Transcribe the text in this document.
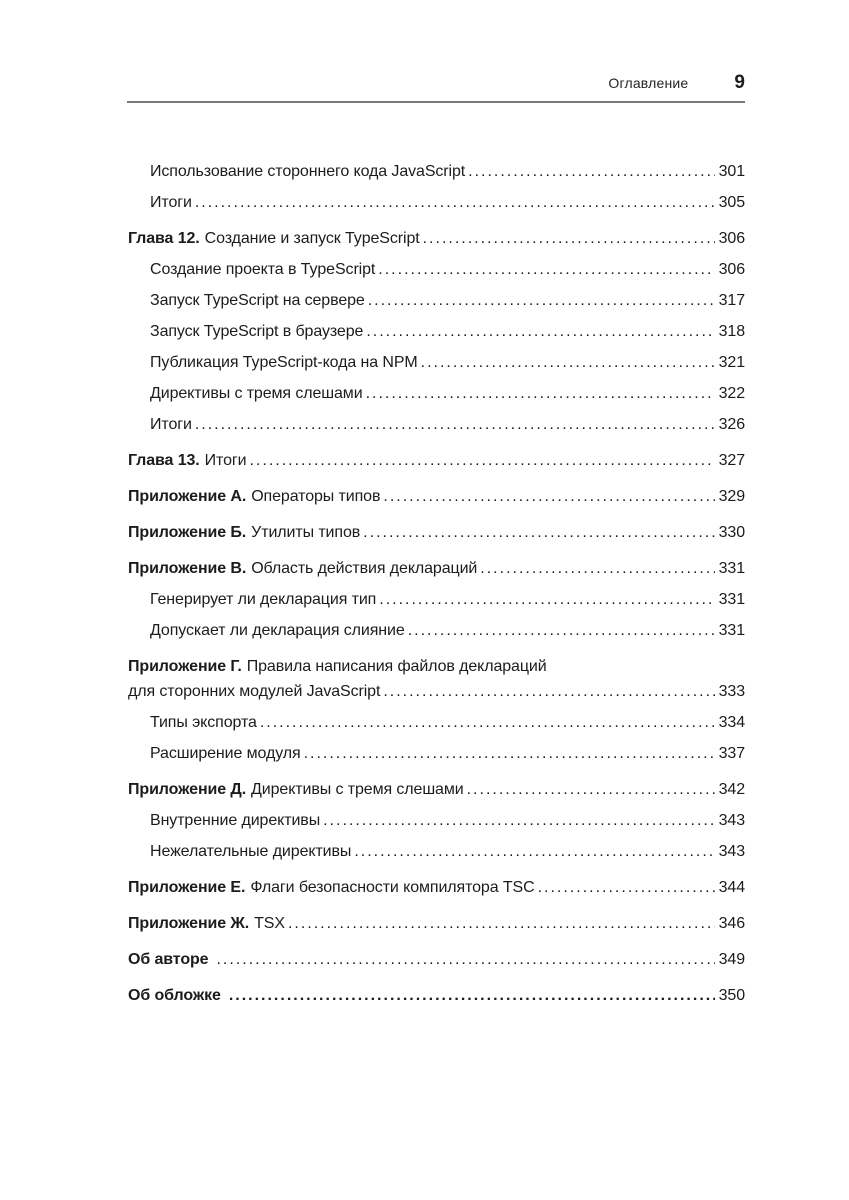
Оглавление 9
Использование стороннего кода JavaScript .....	301
Итоги .....	305
Глава 12. Создание и запуск TypeScript .....	306
Создание проекта в TypeScript .....	306
Запуск TypeScript на сервере .....	317
Запуск TypeScript в браузере .....	318
Публикация TypeScript-кода на NPM .....	321
Директивы с тремя слешами .....	322
Итоги .....	326
Глава 13. Итоги .....	327
Приложение А. Операторы типов .....	329
Приложение Б. Утилиты типов .....	330
Приложение В. Область действия деклараций .....	331
Генерирует ли декларация тип .....	331
Допускает ли декларация слияние .....	331
Приложение Г. Правила написания файлов деклараций
для сторонних модулей JavaScript .....	333
Типы экспорта .....	334
Расширение модуля .....	337
Приложение Д. Директивы с тремя слешами .....	342
Внутренние директивы .....	343
Нежелательные директивы .....	343
Приложение Е. Флаги безопасности компилятора TSC .....	344
Приложение Ж. TSX .....	346
Об авторе .....	349
Об обложке .....	350
